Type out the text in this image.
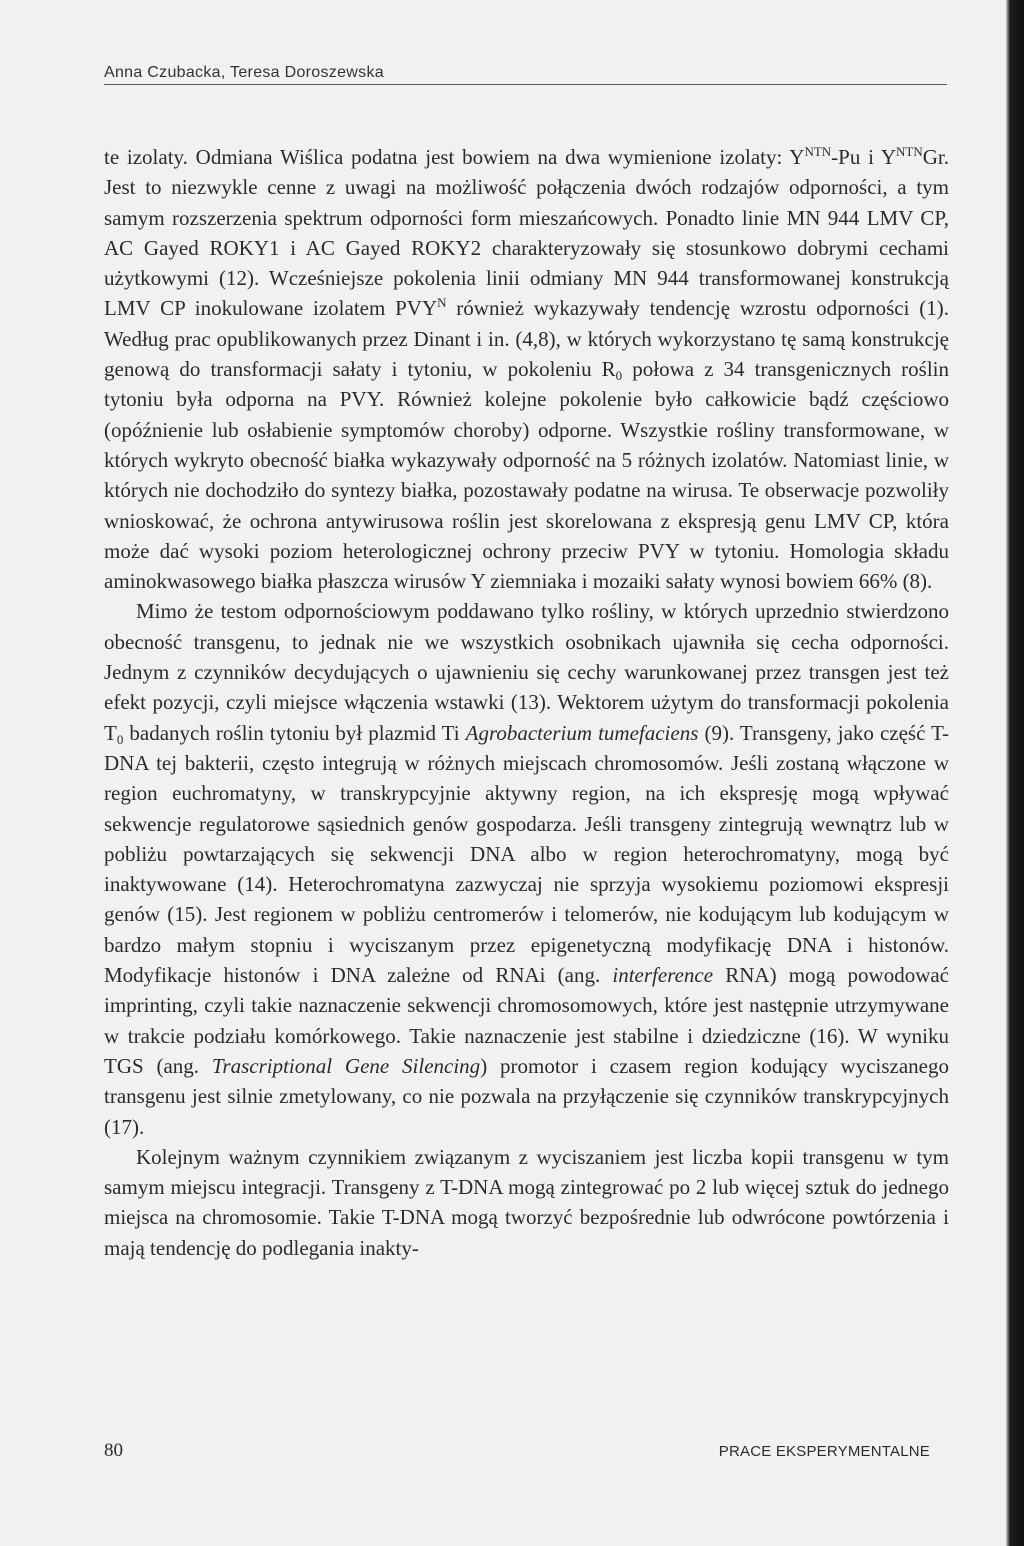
Anna Czubacka, Teresa Doroszewska

te izolaty. Odmiana Wiślica podatna jest bowiem na dwa wymienione izolaty: $Y^{NTN}-Pu$ i $Y^{NTN}Gr$. Jest to niezwykle cenne z uwagi na możliwość połączenia dwóch rodzajów odporności, a tym samym rozszerzenia spektrum odporności form mieszańcowych. Ponadto linie MN 944 LMV CP, AC Gayed ROKY1 i AC Gayed ROKY2 charakteryzowały się stosunkowo dobrymi cechami użytkowymi (12). Wcześniejsze pokolenia linii odmiany MN 944 transformowanej konstrukcją LMV CP inokulowane izolatem $PVY^N$ również wykazywały tendencję wzrostu odporności (1). Według prac opublikowanych przez Dinant i in. (4,8), w których wykorzystano tę samą konstrukcję genową do transformacji sałaty i tytoniu, w pokoleniu $R_0$ połowa z 34 transgenicznych roślin tytoniu była odporna na PVY. Również kolejne pokolenie było całkowicie bądź częściowo (opóźnienie lub osłabienie symptomów choroby) odporne. Wszystkie rośliny transformowane, w których wykryto obecność białka wykazywały odporność na 5 różnych izolatów. Natomiast linie, w których nie dochodziło do syntezy białka, pozostawały podatne na wirusa. Te obserwacje pozwoliły wnioskować, że ochrona antywirusowa roślin jest skorelowana z ekspresją genu LMV CP, która może dać wysoki poziom heterologicznej ochrony przeciw PVY w tytoniu. Homologia składu aminokwasowego białka płaszcza wirusów Y ziemniaka i mozaiki sałaty wynosi bowiem 66% (8).

Mimo że testom odpornościowym poddawano tylko rośliny, w których uprzednio stwierdzono obecność transgenu, to jednak nie we wszystkich osobnikach ujawniła się cecha odporności. Jednym z czynników decydujących o ujawnieniu się cechy warunkowanej przez transgen jest też efekt pozycji, czyli miejsce włączenia wstawki (13). Wektorem użytym do transformacji pokolenia $T_0$ badanych roślin tytoniu był plazmid Ti Agrobacterium tumefaciens (9). Transgeny, jako część T-DNA tej bakterii, często integrują w różnych miejscach chromosomów. Jeśli zostaną włączone w region euchromatyny, w transkrypcyjnie aktywny region, na ich ekspresję mogą wpływać sekwencje regulatorowe sąsiednich genów gospodarza. Jeśli transgeny zintegrują wewnątrz lub w pobliżu powtarzających się sekwencji DNA albo w region heterochromatyny, mogą być inaktywowane (14). Heterochromatyna zazwyczaj nie sprzyja wysokiemu poziomowi ekspresji genów (15). Jest regionem w pobliżu centromerów i telomerów, nie kodującym lub kodującym w bardzo małym stopniu i wyciszanym przez epigenetyczną modyfikację DNA i histonów. Modyfikacje histonów i DNA zależne od RNAi (ang. interference RNA) mogą powodować imprinting, czyli takie naznaczenie sekwencji chromosomowych, które jest następnie utrzymywane w trakcie podziału komórkowego. Takie naznaczenie jest stabilne i dziedziczne (16). W wyniku TGS (ang. Trascriptional Gene Silencing) promotor i czasem region kodujący wyciszanego transgenu jest silnie zmetylowany, co nie pozwala na przyłączenie się czynników transkrypcyjnych (17).

Kolejnym ważnym czynnikiem związanym z wyciszaniem jest liczba kopii transgenu w tym samym miejscu integracji. Transgeny z T-DNA mogą zintegrować po 2 lub więcej sztuk do jednego miejsca na chromosomie. Takie T-DNA mogą tworzyć bezpośrednie lub odwrócone powtórzenia i mają tendencję do podlegania inakty-

80	PRACE EKSPERYMENTALNE
